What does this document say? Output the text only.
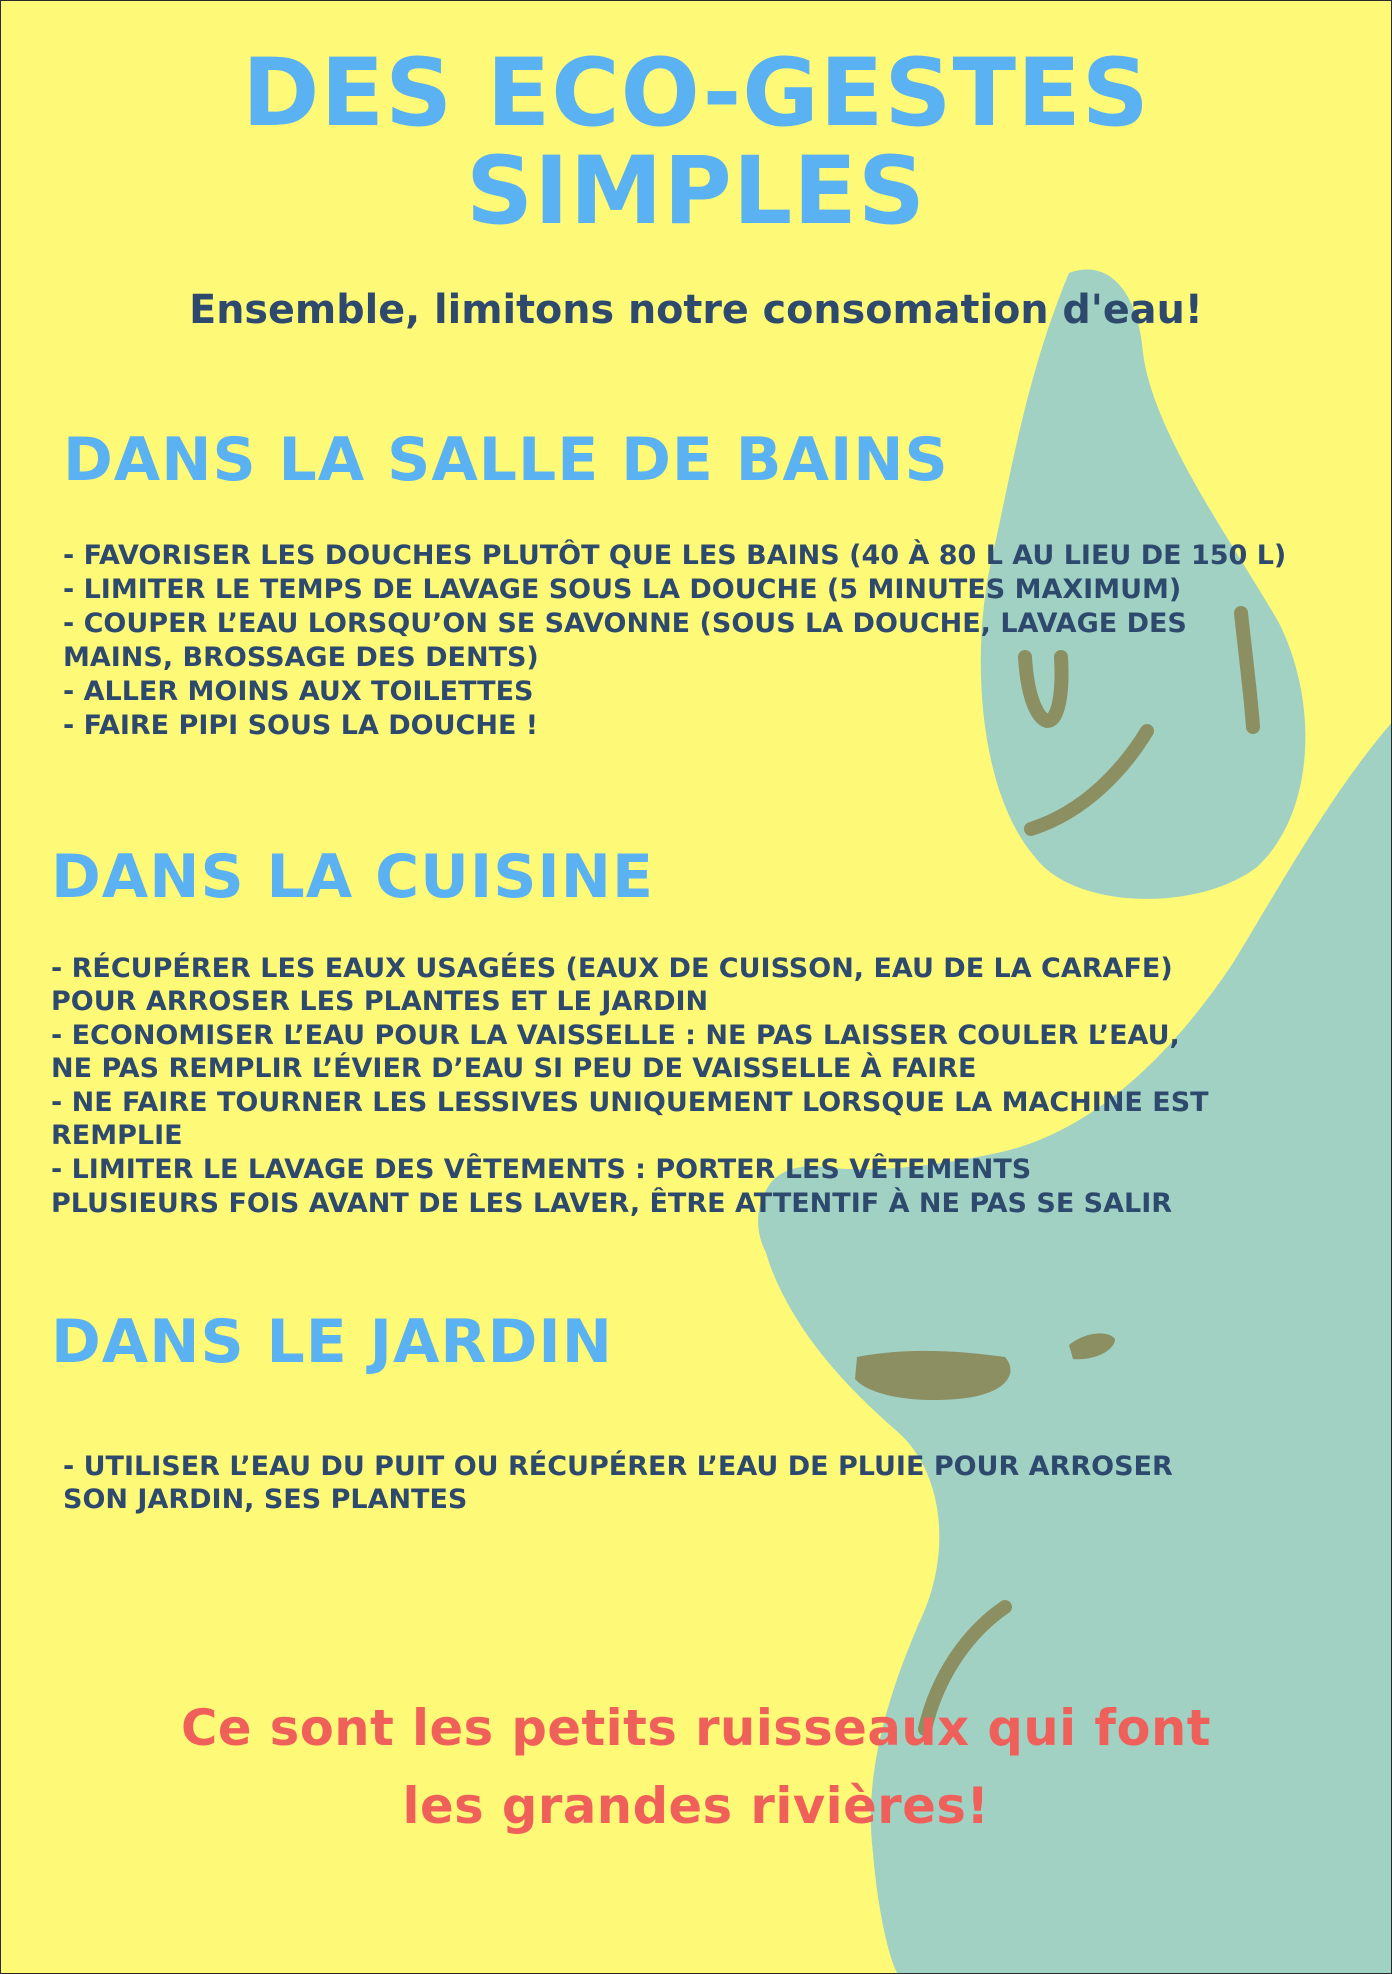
DES ECO-GESTES
SIMPLES
Ensemble, limitons notre consomation d'eau!
DANS LA SALLE DE BAINS
- FAVORISER LES DOUCHES PLUTÔT QUE LES BAINS (40 À 80 L AU LIEU DE 150 L)
- LIMITER LE TEMPS DE LAVAGE SOUS LA DOUCHE (5 MINUTES MAXIMUM)
- COUPER L’EAU LORSQU’ON SE SAVONNE (SOUS LA DOUCHE, LAVAGE DES
MAINS, BROSSAGE DES DENTS)
- ALLER MOINS AUX TOILETTES
- FAIRE PIPI SOUS LA DOUCHE !
DANS LA CUISINE
- RÉCUPÉRER LES EAUX USAGÉES (EAUX DE CUISSON, EAU DE LA CARAFE)
POUR ARROSER LES PLANTES ET LE JARDIN
- ECONOMISER L’EAU POUR LA VAISSELLE : NE PAS LAISSER COULER L’EAU,
NE PAS REMPLIR L’ÉVIER D’EAU SI PEU DE VAISSELLE À FAIRE
- NE FAIRE TOURNER LES LESSIVES UNIQUEMENT LORSQUE LA MACHINE EST
REMPLIE
- LIMITER LE LAVAGE DES VÊTEMENTS : PORTER LES VÊTEMENTS
PLUSIEURS FOIS AVANT DE LES LAVER, ÊTRE ATTENTIF À NE PAS SE SALIR
DANS LE JARDIN
- UTILISER L’EAU DU PUIT OU RÉCUPÉRER L’EAU DE PLUIE POUR ARROSER
SON JARDIN, SES PLANTES
Ce sont les petits ruisseaux qui font
les grandes rivières!
